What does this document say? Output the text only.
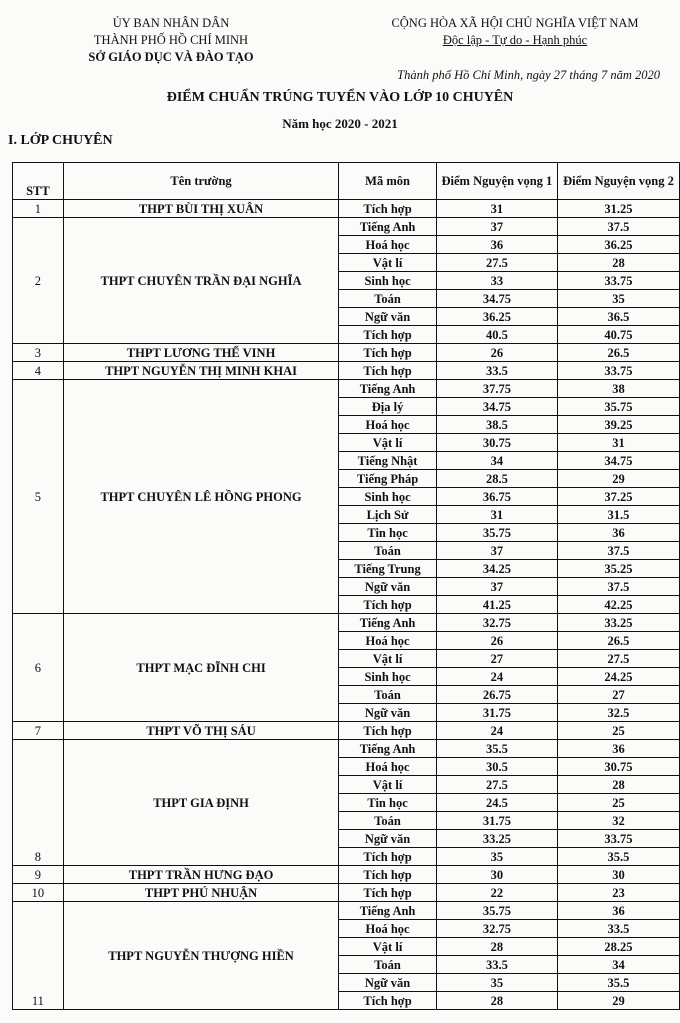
ỦY BAN NHÂN DÂN
THÀNH PHỐ HỒ CHÍ MINH
SỞ GIÁO DỤC VÀ ĐÀO TẠO
CỘNG HÒA XÃ HỘI CHỦ NGHĨA VIỆT NAM
Độc lập - Tự do - Hạnh phúc
Thành phố Hồ Chí Minh, ngày 27 tháng 7 năm 2020
ĐIỂM CHUẨN TRÚNG TUYỂN VÀO LỚP 10 CHUYÊN
Năm học 2020 - 2021
I. LỚP CHUYÊN
STT	Tên trường	Mã môn	Điểm Nguyện vọng 1	Điểm Nguyện vọng 2
1	THPT BÙI THỊ XUÂN	Tích hợp	31	31.25
2	THPT CHUYÊN TRẦN ĐẠI NGHĨA	Tiếng Anh	37	37.5
		Hoá học	36	36.25
		Vật lí	27.5	28
		Sinh học	33	33.75
		Toán	34.75	35
		Ngữ văn	36.25	36.5
		Tích hợp	40.5	40.75
3	THPT LƯƠNG THẾ VINH	Tích hợp	26	26.5
4	THPT NGUYỄN THỊ MINH KHAI	Tích hợp	33.5	33.75
5	THPT CHUYÊN LÊ HỒNG PHONG	Tiếng Anh	37.75	38
		Địa lý	34.75	35.75
		Hoá học	38.5	39.25
		Vật lí	30.75	31
		Tiếng Nhật	34	34.75
		Tiếng Pháp	28.5	29
		Sinh học	36.75	37.25
		Lịch Sử	31	31.5
		Tin học	35.75	36
		Toán	37	37.5
		Tiếng Trung	34.25	35.25
		Ngữ văn	37	37.5
		Tích hợp	41.25	42.25
6	THPT MẠC ĐĨNH CHI	Tiếng Anh	32.75	33.25
		Hoá học	26	26.5
		Vật lí	27	27.5
		Sinh học	24	24.25
		Toán	26.75	27
		Ngữ văn	31.75	32.5
7	THPT VÕ THỊ SÁU	Tích hợp	24	25
8	THPT GIA ĐỊNH	Tiếng Anh	35.5	36
		Hoá học	30.5	30.75
		Vật lí	27.5	28
		Tin học	24.5	25
		Toán	31.75	32
		Ngữ văn	33.25	33.75
		Tích hợp	35	35.5
9	THPT TRẦN HƯNG ĐẠO	Tích hợp	30	30
10	THPT PHÚ NHUẬN	Tích hợp	22	23
11	THPT NGUYỄN THƯỢNG HIỀN	Tiếng Anh	35.75	36
		Hoá học	32.75	33.5
		Vật lí	28	28.25
		Toán	33.5	34
		Ngữ văn	35	35.5
		Tích hợp	28	29
